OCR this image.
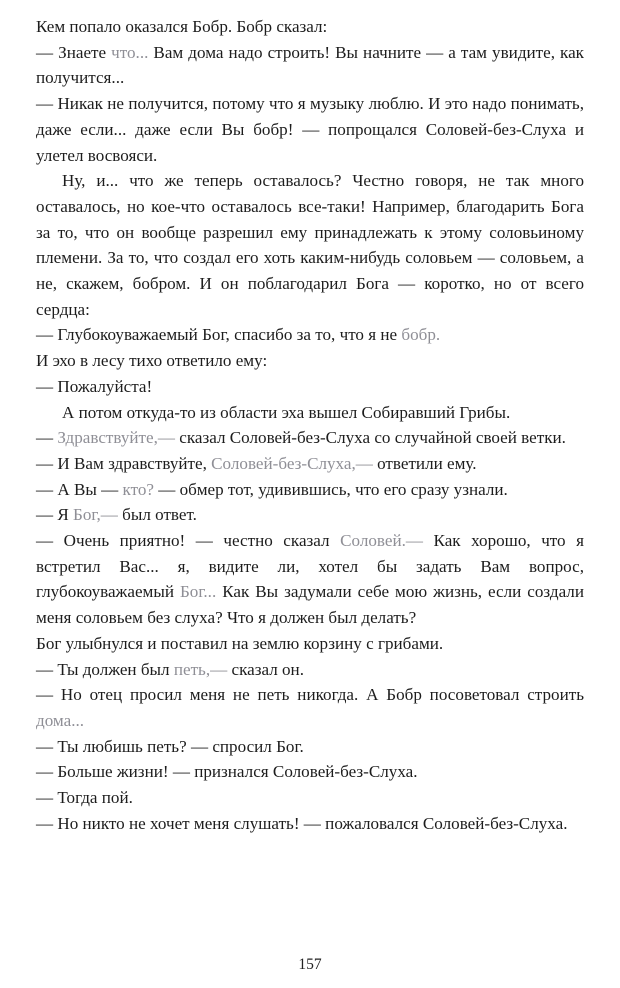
Кем попало оказался Бобр. Бобр сказал:

— Знаете что... Вам дома надо строить! Вы начните — а там увидите, как получится...

— Никак не получится, потому что я музыку люблю. И это надо понимать, даже если... даже если Вы бобр! — попрощался Соловей-без-Слуха и улетел восвояси.

Ну, и... что же теперь оставалось? Честно говоря, не так много оставалось, но кое-что оставалось все-таки! Например, благодарить Бога за то, что он вообще разрешил ему принадлежать к этому соловьиному племени. За то, что создал его хоть каким-нибудь соловьем — соловьем, а не, скажем, бобром. И он поблагодарил Бога — коротко, но от всего сердца:

— Глубокоуважаемый Бог, спасибо за то, что я не бобр.

И эхо в лесу тихо ответило ему:

— Пожалуйста!

А потом откуда-то из области эха вышел Собиравший Грибы.

— Здравствуйте,— сказал Соловей-без-Слуха со случайной своей ветки.

— И Вам здравствуйте, Соловей-без-Слуха,— ответили ему.

— А Вы — кто? — обмер тот, удивившись, что его сразу узнали.

— Я Бог,— был ответ.

— Очень приятно! — честно сказал Соловей.— Как хорошо, что я встретил Вас... я, видите ли, хотел бы задать Вам вопрос, глубокоуважаемый Бог... Как Вы задумали себе мою жизнь, если создали меня соловьем без слуха? Что я должен был делать?

Бог улыбнулся и поставил на землю корзину с грибами.

— Ты должен был петь,— сказал он.

— Но отец просил меня не петь никогда. А Бобр посоветовал строить дома...

— Ты любишь петь? — спросил Бог.

— Больше жизни! — признался Соловей-без-Слуха.

— Тогда пой.

— Но никто не хочет меня слушать! — пожаловался Соловей-без-Слуха.

157
